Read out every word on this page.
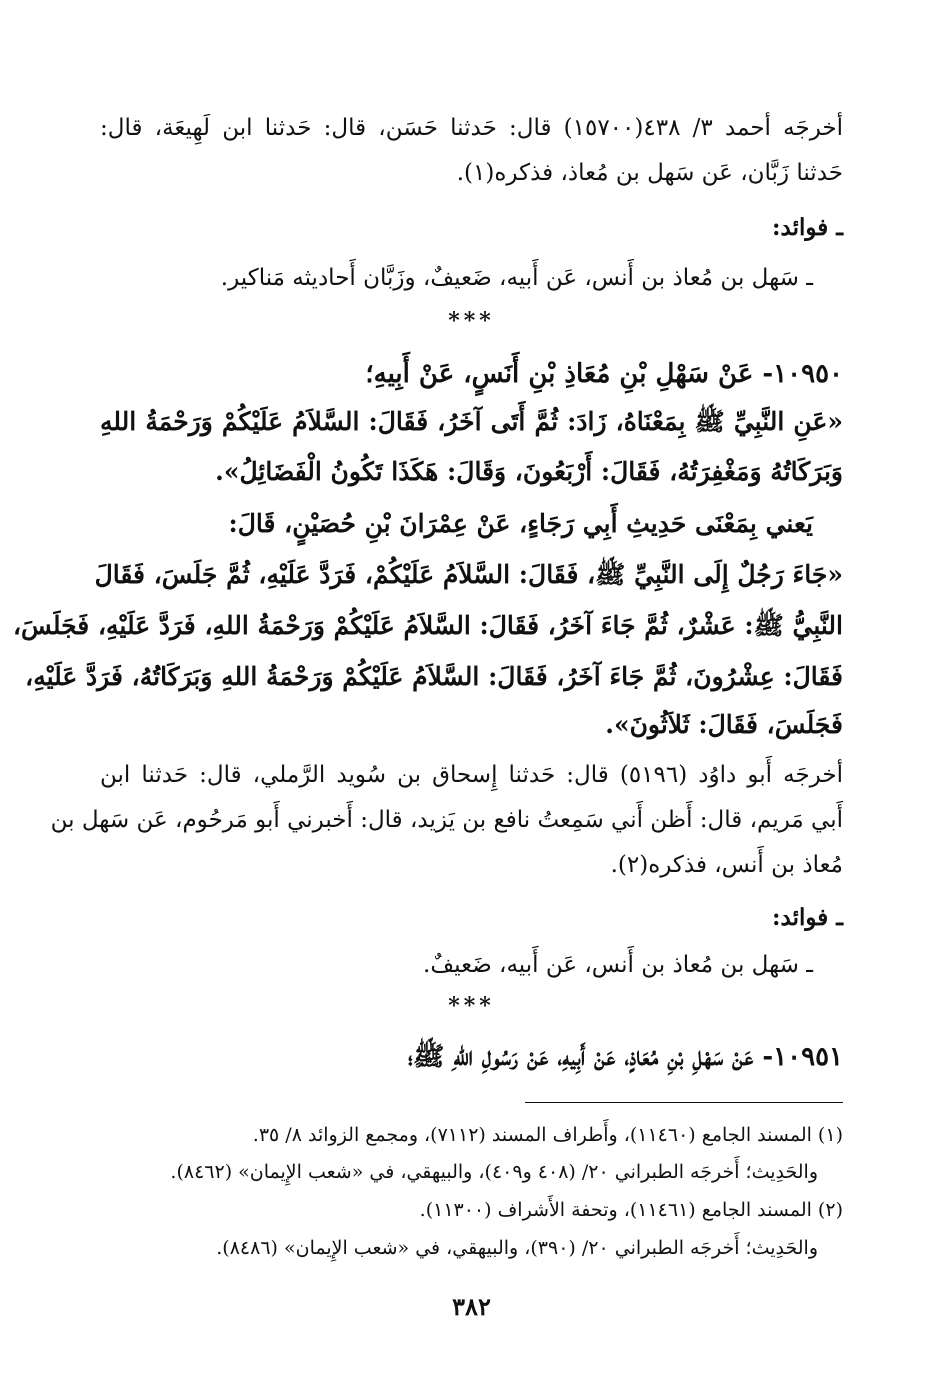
أخرجَه أحمد ٣/ ٤٣٨(١٥٧٠٠) قال: حَدثنا حَسَن، قال: حَدثنا ابن لَهِيعَة، قال:
حَدثنا زَبَّان، عَن سَهل بن مُعاذ، فذكره(١).
ـ فوائد:
ـ سَهل بن مُعاذ بن أَنس، عَن أَبيه، ضَعيفٌ، وزَبَّان أَحاديثه مَناكير.
***
١٠٩٥٠- عَنْ سَهْلِ بْنِ مُعَاذِ بْنِ أَنَسٍ، عَنْ أَبِيهِ؛
«عَنِ النَّبِيِّ ﷺ بِمَعْنَاهُ، زَادَ: ثُمَّ أَتَى آخَرُ، فَقَالَ: السَّلاَمُ عَلَيْكُمْ وَرَحْمَةُ اللهِ
وَبَرَكَاتُهُ وَمَغْفِرَتُهُ، فَقَالَ: أَرْبَعُونَ، وَقَالَ: هَكَذَا تَكُونُ الْفَضَائِلُ».
يَعني بِمَعْنَى حَدِيثِ أَبِي رَجَاءٍ، عَنْ عِمْرَانَ بْنِ حُصَيْنٍ، قَالَ:
«جَاءَ رَجُلٌ إِلَى النَّبِيِّ ﷺ، فَقَالَ: السَّلاَمُ عَلَيْكُمْ، فَرَدَّ عَلَيْهِ، ثُمَّ جَلَسَ، فَقَالَ
النَّبِيُّ ﷺ: عَشْرٌ، ثُمَّ جَاءَ آخَرُ، فَقَالَ: السَّلاَمُ عَلَيْكُمْ وَرَحْمَةُ اللهِ، فَرَدَّ عَلَيْهِ، فَجَلَسَ،
فَقَالَ: عِشْرُونَ، ثُمَّ جَاءَ آخَرُ، فَقَالَ: السَّلاَمُ عَلَيْكُمْ وَرَحْمَةُ اللهِ وَبَرَكَاتُهُ، فَرَدَّ عَلَيْهِ،
فَجَلَسَ، فَقَالَ: ثَلاَثُونَ».
أخرجَه أَبو داوُد (٥١٩٦) قال: حَدثنا إِسحاق بن سُويد الرَّملي، قال: حَدثنا ابن
أَبي مَريم، قال: أَظن أَني سَمِعتُ نافع بن يَزيد، قال: أَخبرني أَبو مَرحُوم، عَن سَهل بن
مُعاذ بن أَنس، فذكره(٢).
ـ فوائد:
ـ سَهل بن مُعاذ بن أَنس، عَن أَبيه، ضَعيفٌ.
***
١٠٩٥١- عَنْ سَهْلِ بْنِ مُعَاذٍ، عَنْ أَبِيهِ، عَنْ رَسُولِ اللهِ ﷺ؛
(١) المسند الجامع (١١٤٦٠)، وأَطراف المسند (٧١١٢)، ومجمع الزوائد ٨/ ٣٥.
والحَدِيث؛ أَخرجَه الطبراني ٢٠/ (٤٠٨ و٤٠٩)، والبيهقي، في «شعب الإِيمان» (٨٤٦٢).
(٢) المسند الجامع (١١٤٦١)، وتحفة الأَشراف (١١٣٠٠).
والحَدِيث؛ أَخرجَه الطبراني ٢٠/ (٣٩٠)، والبيهقي، في «شعب الإِيمان» (٨٤٨٦).
٣٨٢
